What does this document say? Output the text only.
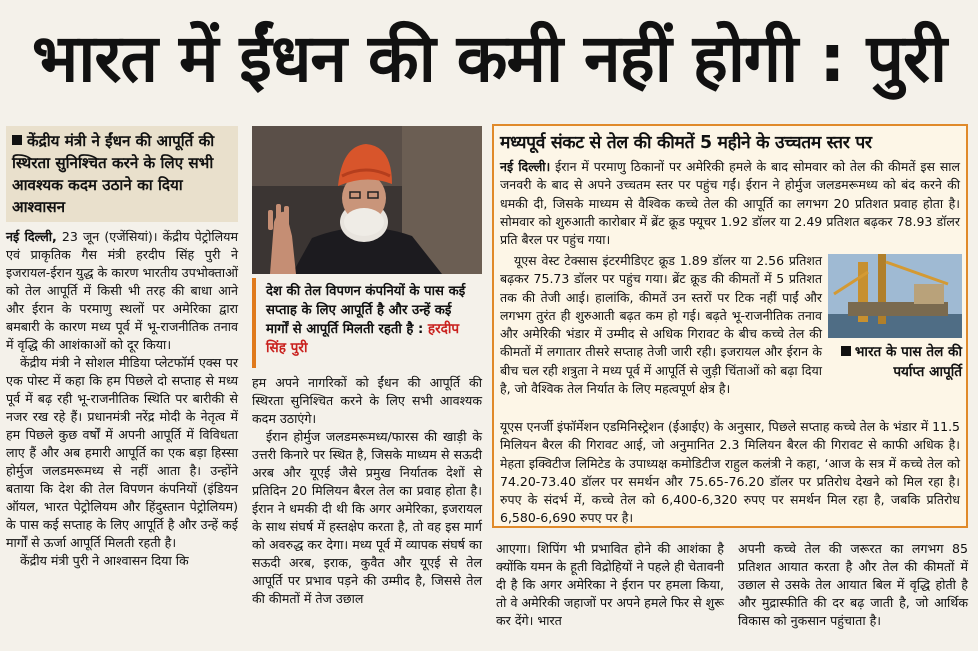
भारत में ईंधन की कमी नहीं होगी : पुरी
केंद्रीय मंत्री ने ईंधन की आपूर्ति की स्थिरता सुनिश्चित करने के लिए सभी आवश्यक कदम उठाने का दिया आश्वासन

नई दिल्ली, 23 जून (एजेंसियां)। केंद्रीय पेट्रोलियम एवं प्राकृतिक गैस मंत्री हरदीप सिंह पुरी ने इजरायल-ईरान युद्ध के कारण भारतीय उपभोक्ताओं को तेल आपूर्ति में किसी भी तरह की बाधा आने और ईरान के परमाणु स्थलों पर अमेरिका द्वारा बमबारी के कारण मध्य पूर्व में भू-राजनीतिक तनाव में वृद्धि की आशंकाओं को दूर किया।

केंद्रीय मंत्री ने सोशल मीडिया प्लेटफॉर्म एक्स पर एक पोस्ट में कहा कि हम पिछले दो सप्ताह से मध्य पूर्व में बढ़ रही भू-राजनीतिक स्थिति पर बारीकी से नजर रख रहे हैं। प्रधानमंत्री नरेंद्र मोदी के नेतृत्व में हम पिछले कुछ वर्षों में अपनी आपूर्ति में विविधता लाए हैं और अब हमारी आपूर्ति का एक बड़ा हिस्सा होर्मुज जलडमरूमध्य से नहीं आता है। उन्होंने बताया कि देश की तेल विपणन कंपनियों (इंडियन ऑयल, भारत पेट्रोलियम और हिंदुस्तान पेट्रोलियम) के पास कई सप्ताह के लिए आपूर्ति है और उन्हें कई मार्गों से ऊर्जा आपूर्ति मिलती रहती है।

केंद्रीय मंत्री पुरी ने आश्वासन दिया कि

देश की तेल विपणन कंपनियों के पास कई सप्ताह के लिए आपूर्ति है और उन्हें कई मार्गों से आपूर्ति मिलती रहती है : हरदीप सिंह पुरी

हम अपने नागरिकों को ईंधन की आपूर्ति की स्थिरता सुनिश्चित करने के लिए सभी आवश्यक कदम उठाएंगे।

ईरान होर्मुज जलडमरूमध्य/फारस की खाड़ी के उत्तरी किनारे पर स्थित है, जिसके माध्यम से सऊदी अरब और यूएई जैसे प्रमुख निर्यातक देशों से प्रतिदिन 20 मिलियन बैरल तेल का प्रवाह होता है। ईरान ने धमकी दी थी कि अगर अमेरिका, इजरायल के साथ संघर्ष में हस्तक्षेप करता है, तो वह इस मार्ग को अवरुद्ध कर देगा। मध्य पूर्व में व्यापक संघर्ष का सऊदी अरब, इराक, कुवैत और यूएई से तेल आपूर्ति पर प्रभाव पड़ने की उम्मीद है, जिससे तेल की कीमतों में तेज उछाल

मध्यपूर्व संकट से तेल की कीमतें 5 महीने के उच्चतम स्तर पर

नई दिल्ली। ईरान में परमाणु ठिकानों पर अमेरिकी हमले के बाद सोमवार को तेल की कीमतें इस साल जनवरी के बाद से अपने उच्चतम स्तर पर पहुंच गईं। ईरान ने होर्मुज जलडमरूमध्य को बंद करने की धमकी दी, जिसके माध्यम से वैश्विक कच्चे तेल की आपूर्ति का लगभग 20 प्रतिशत प्रवाह होता है। सोमवार को शुरुआती कारोबार में ब्रेंट क्रूड फ्यूचर 1.92 डॉलर या 2.49 प्रतिशत बढ़कर 78.93 डॉलर प्रति बैरल पर पहुंच गया।

यूएस वेस्ट टेक्सास इंटरमीडिएट क्रूड 1.89 डॉलर या 2.56 प्रतिशत बढ़कर 75.73 डॉलर पर पहुंच गया। ब्रेंट क्रूड की कीमतों में 5 प्रतिशत तक की तेजी आई। हालांकि, कीमतें उन स्तरों पर टिक नहीं पाईं और लगभग तुरंत ही शुरुआती बढ़त कम हो गई। बढ़ते भू-राजनीतिक तनाव और अमेरिकी भंडार में उम्मीद से अधिक गिरावट के बीच कच्चे तेल की कीमतों में लगातार तीसरे सप्ताह तेजी जारी रही। इजरायल और ईरान के बीच चल रही शत्रुता ने मध्य पूर्व में आपूर्ति से जुड़ी चिंताओं को बढ़ा दिया है, जो वैश्विक तेल निर्यात के लिए महत्वपूर्ण क्षेत्र है।

यूएस एनर्जी इंफॉर्मेशन एडमिनिस्ट्रेशन (ईआईए) के अनुसार, पिछले सप्ताह कच्चे तेल के भंडार में 11.5 मिलियन बैरल की गिरावट आई, जो अनुमानित 2.3 मिलियन बैरल की गिरावट से काफी अधिक है। मेहता इक्विटीज लिमिटेड के उपाध्यक्ष कमोडिटीज राहुल कलंत्री ने कहा, ‘आज के सत्र में कच्चे तेल को 74.20-73.40 डॉलर पर समर्थन और 75.65-76.20 डॉलर पर प्रतिरोध देखने को मिल रहा है। रुपए के संदर्भ में, कच्चे तेल को 6,400-6,320 रुपए पर समर्थन मिल रहा है, जबकि प्रतिरोध 6,580-6,690 रुपए पर है।

भारत के पास तेल की पर्याप्त आपूर्ति

आएगा। शिपिंग भी प्रभावित होने की आशंका है क्योंकि यमन के हूती विद्रोहियों ने पहले ही चेतावनी दी है कि अगर अमेरिका ने ईरान पर हमला किया, तो वे अमेरिकी जहाजों पर अपने हमले फिर से शुरू कर देंगे। भारत

अपनी कच्चे तेल की जरूरत का लगभग 85 प्रतिशत आयात करता है और तेल की कीमतों में उछाल से उसके तेल आयात बिल में वृद्धि होती है और मुद्रास्फीति की दर बढ़ जाती है, जो आर्थिक विकास को नुकसान पहुंचाता है।
